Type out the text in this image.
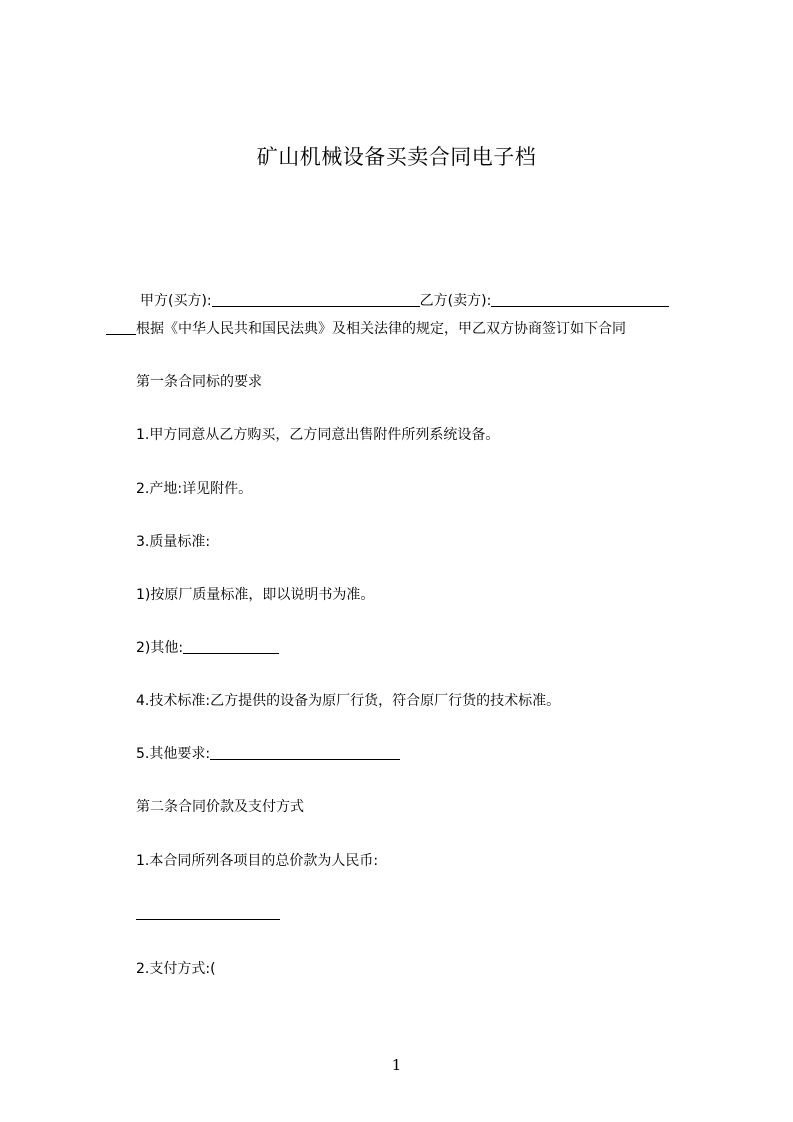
矿山机械设备买卖合同电子档
甲方(买方):	乙方(卖方):
根据《中华人民共和国民法典》及相关法律的规定，甲乙双方协商签订如下合同
第一条合同标的要求
1.甲方同意从乙方购买，乙方同意出售附件所列系统设备。
2.产地:详见附件。
3.质量标准:
1)按原厂质量标准，即以说明书为准。
2)其他:
4.技术标准:乙方提供的设备为原厂行货，符合原厂行货的技术标准。
5.其他要求:
第二条合同价款及支付方式
1.本合同所列各项目的总价款为人民币:
2.支付方式:(
1
